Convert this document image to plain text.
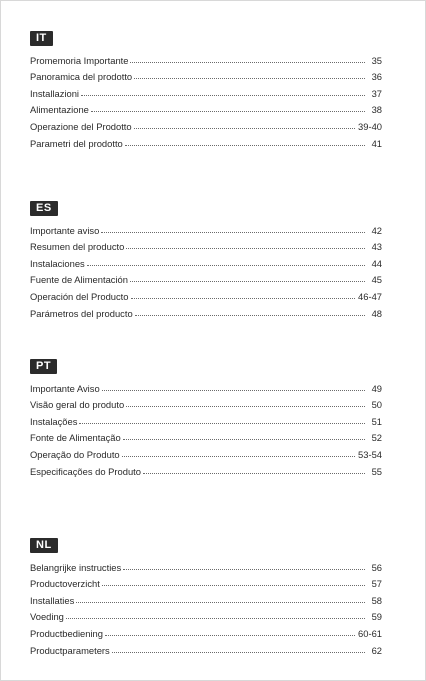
IT
Promemoria Importante	35
Panoramica del prodotto	36
Installazioni	37
Alimentazione	38
Operazione del Prodotto	39-40
Parametri del prodotto	41
ES
Importante aviso	42
Resumen del producto	43
Instalaciones	44
Fuente de Alimentación	45
Operación del Producto	46-47
Parámetros del producto	48
PT
Importante Aviso	49
Visão geral do produto	50
Instalações	51
Fonte de Alimentação	52
Operação do Produto	53-54
Especificações do Produto	55
NL
Belangrijke instructies	56
Productoverzicht	57
Installaties	58
Voeding	59
Productbediening	60-61
Productparameters	62
